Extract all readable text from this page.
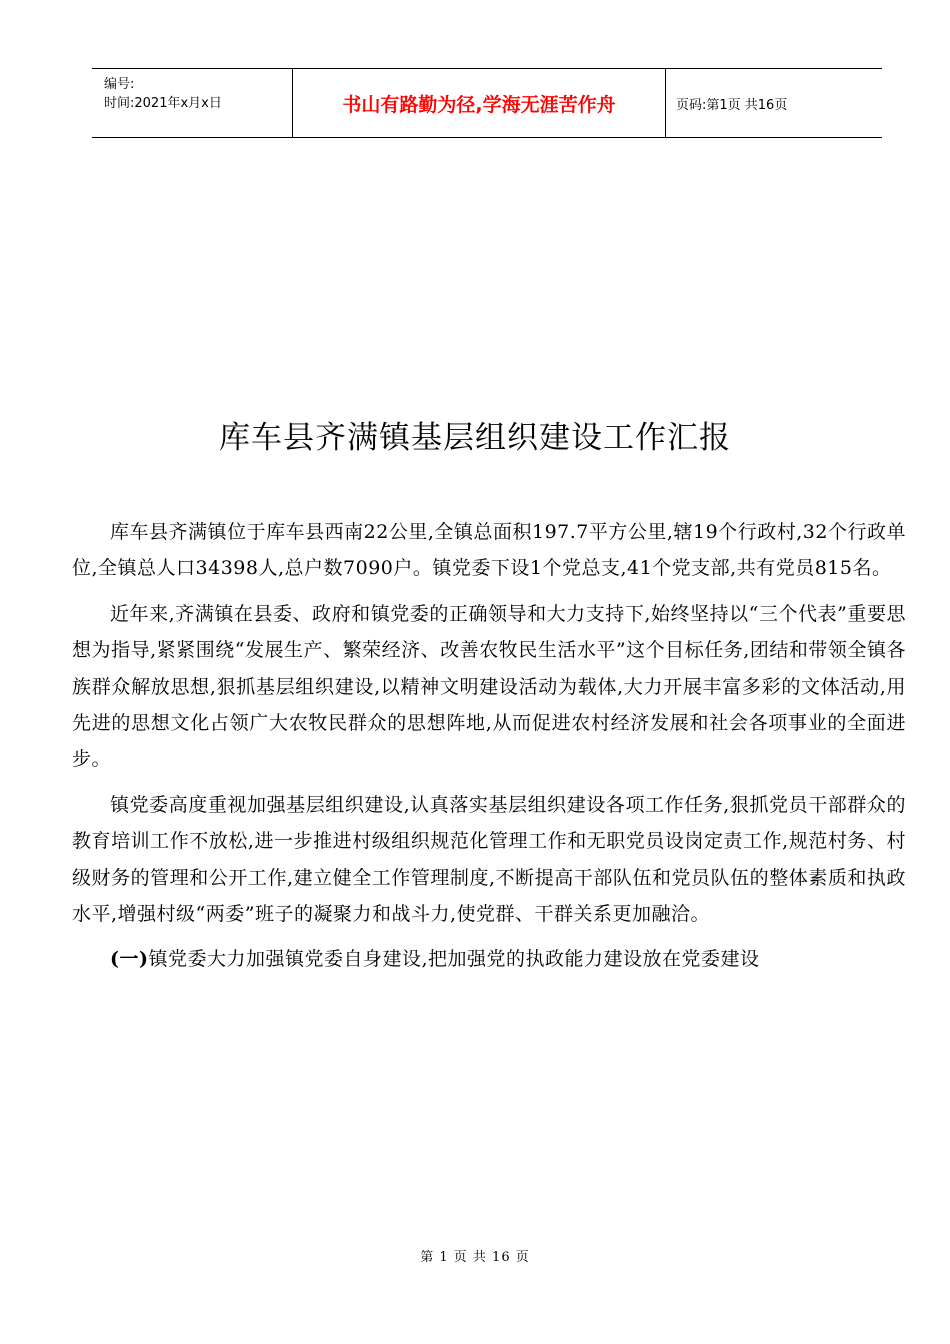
编号:
时间:2021年x月x日	书山有路勤为径,学海无涯苦作舟	页码:第1页 共16页
库车县齐满镇基层组织建设工作汇报

库车县齐满镇位于库车县西南22公里,全镇总面积197.7平方公里,辖19个行政村,32个行政单位,全镇总人口34398人,总户数7090户。镇党委下设1个党总支,41个党支部,共有党员815名。

近年来,齐满镇在县委、政府和镇党委的正确领导和大力支持下,始终坚持以“三个代表”重要思想为指导,紧紧围绕“发展生产、繁荣经济、改善农牧民生活水平”这个目标任务,团结和带领全镇各族群众解放思想,狠抓基层组织建设,以精神文明建设活动为载体,大力开展丰富多彩的文体活动,用先进的思想文化占领广大农牧民群众的思想阵地,从而促进农村经济发展和社会各项事业的全面进步。

镇党委高度重视加强基层组织建设,认真落实基层组织建设各项工作任务,狠抓党员干部群众的教育培训工作不放松,进一步推进村级组织规范化管理工作和无职党员设岗定责工作,规范村务、村级财务的管理和公开工作,建立健全工作管理制度,不断提高干部队伍和党员队伍的整体素质和执政水平,增强村级“两委”班子的凝聚力和战斗力,使党群、干群关系更加融洽。

(一)镇党委大力加强镇党委自身建设,把加强党的执政能力建设放在党委建设

第 1 页 共 16 页
